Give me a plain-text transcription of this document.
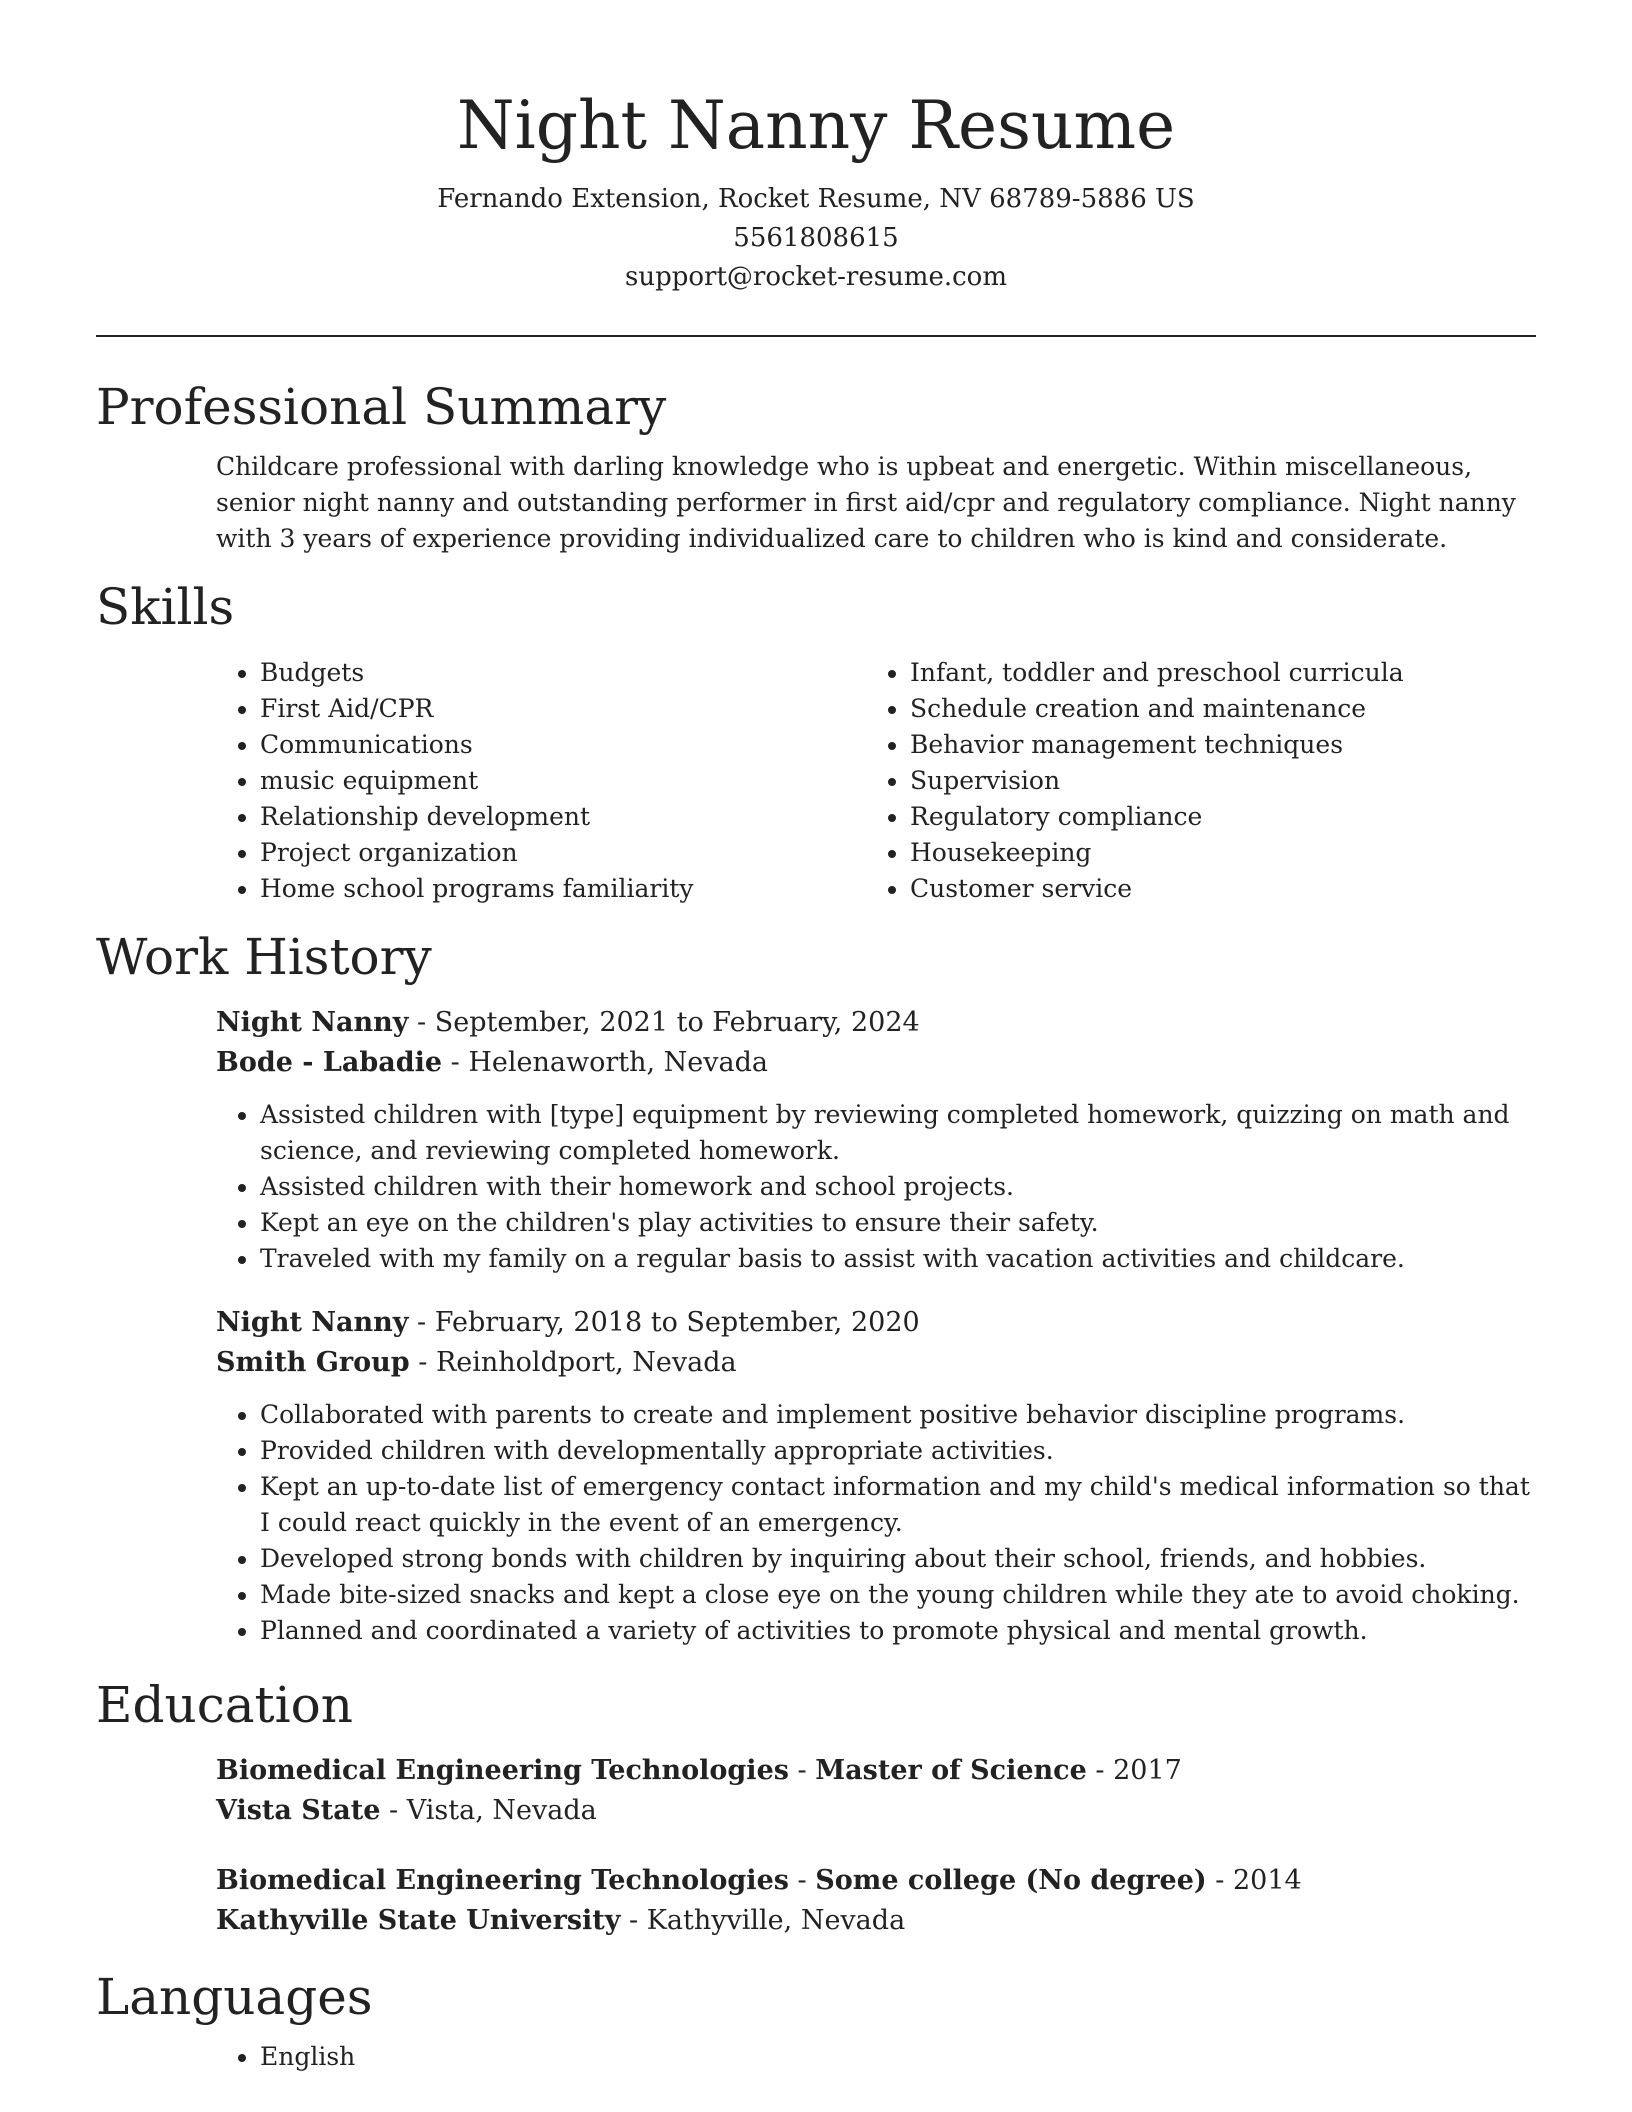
Night Nanny Resume
Fernando Extension, Rocket Resume, NV 68789-5886 US
5561808615
support@rocket-resume.com
Professional Summary
Childcare professional with darling knowledge who is upbeat and energetic. Within miscellaneous, senior night nanny and outstanding performer in first aid/cpr and regulatory compliance. Night nanny with 3 years of experience providing individualized care to children who is kind and considerate.
Skills
• Budgets
• First Aid/CPR
• Communications
• music equipment
• Relationship development
• Project organization
• Home school programs familiarity
• Infant, toddler and preschool curricula
• Schedule creation and maintenance
• Behavior management techniques
• Supervision
• Regulatory compliance
• Housekeeping
• Customer service
Work History
Night Nanny - September, 2021 to February, 2024
Bode - Labadie - Helenaworth, Nevada
• Assisted children with [type] equipment by reviewing completed homework, quizzing on math and science, and reviewing completed homework.
• Assisted children with their homework and school projects.
• Kept an eye on the children's play activities to ensure their safety.
• Traveled with my family on a regular basis to assist with vacation activities and childcare.
Night Nanny - February, 2018 to September, 2020
Smith Group - Reinholdport, Nevada
• Collaborated with parents to create and implement positive behavior discipline programs.
• Provided children with developmentally appropriate activities.
• Kept an up-to-date list of emergency contact information and my child's medical information so that I could react quickly in the event of an emergency.
• Developed strong bonds with children by inquiring about their school, friends, and hobbies.
• Made bite-sized snacks and kept a close eye on the young children while they ate to avoid choking.
• Planned and coordinated a variety of activities to promote physical and mental growth.
Education
Biomedical Engineering Technologies - Master of Science - 2017
Vista State - Vista, Nevada
Biomedical Engineering Technologies - Some college (No degree) - 2014
Kathyville State University - Kathyville, Nevada
Languages
• English
